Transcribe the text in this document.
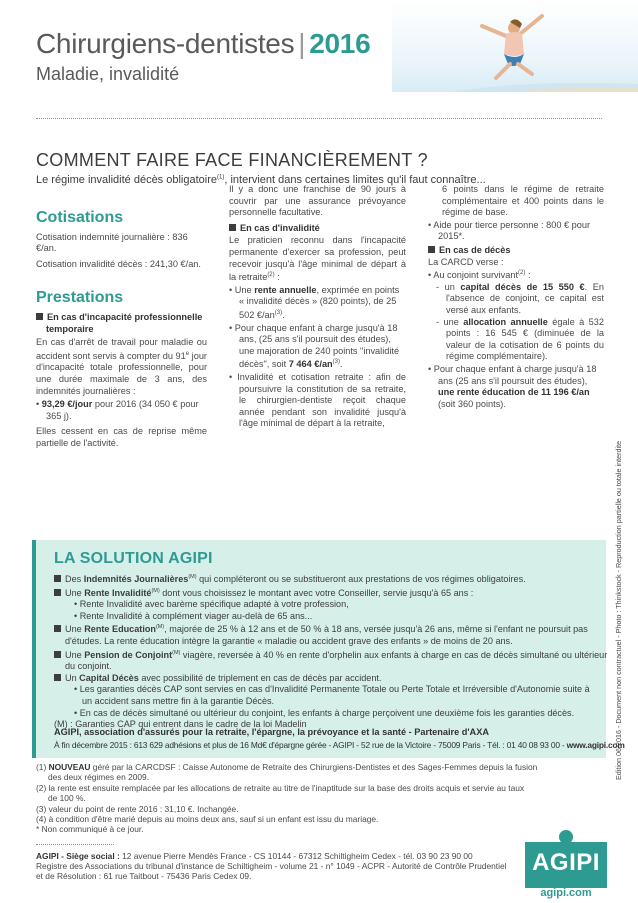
Chirurgiens-dentistes | 2016
Maladie, invalidité
COMMENT FAIRE FACE FINANCIÈREMENT ?
Le régime invalidité décès obligatoire$^{(1)}$, intervient dans certaines limites qu'il faut connaître...
Cotisations

Cotisation indemnité journalière : 836 €/an.

Cotisation invalidité décès : 241,30 €/an.

Prestations

En cas d'incapacité professionnelle temporaire

En cas d'arrêt de travail pour maladie ou accident sont servis à compter du 91e jour d'incapacité totale professionnelle, pour une durée maximale de 3 ans, des indemnités journalières :

• 93,29 €/jour pour 2016 (34 050 € pour 365 j).

Elles cessent en cas de reprise même partielle de l'activité.

Il y a donc une franchise de 90 jours à couvrir par une assurance prévoyance personnelle facultative.

En cas d'invalidité

Le praticien reconnu dans l'incapacité permanente d'exercer sa profession, peut recevoir jusqu'à l'âge minimal de départ à la retraite$^{(2)}$ :

• Une rente annuelle, exprimée en points « invalidité décès » (820 points), de 25 502 $€/an^{(3)}$.

• Pour chaque enfant à charge jusqu'à 18 ans, (25 ans s'il poursuit des études), une majoration de 240 points "invalidité décès", soit 7 464 $€/an^{(3)}$.

• Invalidité et cotisation retraite : afin de poursuivre la constitution de sa retraite, le chirurgien-dentiste reçoit chaque année pendant son invalidité jusqu'à l'âge minimal de départ à la retraite,

6 points dans le régime de retraite complémentaire et 400 points dans le régime de base.

• Aide pour tierce personne : 800 € pour 2015*.

En cas de décès

La CARCD verse :

• Au conjoint survivant$^{(2)}$ :

- un capital décès de 15 550 €. En l'absence de conjoint, ce capital est versé aux enfants.

- une allocation annuelle égale à 532 points : 16 545 € (diminuée de la valeur de la cotisation de 6 points du régime complémentaire).

• Pour chaque enfant à charge jusqu'à 18 ans (25 ans s'il poursuit des études), une rente éducation de 11 196 €/an (soit 360 points).

LA SOLUTION AGIPI
Des Indemnités Journalières$^{(M)}$ qui compléteront ou se substitueront aux prestations de vos régimes obligatoires.
Une Rente Invalidité$^{(M)}$ dont vous choisissez le montant avec votre Conseiller, servie jusqu'à 65 ans :
• Rente Invalidité avec barème spécifique adapté à votre profession,
• Rente Invalidité à complément viager au-delà de 65 ans...
Une Rente Education$^{(M)}$, majorée de 25 % à 12 ans et de 50 % à 18 ans, versée jusqu'à 26 ans, même si l'enfant ne poursuit pas
d'études. La rente éducation intègre la garantie « maladie ou accident grave des enfants » de moins de 20 ans.
Une Pension de Conjoint$^{(M)}$ viagère, reversée à 40 % en rente d'orphelin aux enfants à charge en cas de décès simultané ou ultérieur
du conjoint.
Un Capital Décès avec possibilité de triplement en cas de décès par accident.
• Les garanties décès CAP sont servies en cas d'Invalidité Permanente Totale ou Perte Totale et Irréversible d'Autonomie suite à
un accident sans mettre fin à la garantie Décès.
• En cas de décès simultané ou ultérieur du conjoint, les enfants à charge perçoivent une deuxième fois les garanties décès.
(M) : Garanties CAP qui entrent dans le cadre de la loi Madelin
AGIPI, association d'assurés pour la retraite, l'épargne, la prévoyance et la santé - Partenaire d'AXA
À fin décembre 2015 : 613 629 adhésions et plus de 16 Md€ d'épargne gérée - AGIPI - 52 rue de la Victoire - 75009 Paris - Tél. : 01 40 08 93 00 - www.agipi.com
(1) NOUVEAU géré par la CARCDSF : Caisse Autonome de Retraite des Chirurgiens-Dentistes et des Sages-Femmes depuis la fusion
des deux régimes en 2009.
(2) la rente est ensuite remplacée par les allocations de retraite au titre de l'inaptitude sur la base des droits acquis et servie au taux
de 100 %.
(3) valeur du point de rente 2016 : 31,10 €. Inchangée.
(4) à condition d'être marié depuis au moins deux ans, sauf si un enfant est issu du mariage.
* Non communiqué à ce jour.
AGIPI - Siège social : 12 avenue Pierre Mendès France - CS 10144 - 67312 Schiltigheim Cedex - tél. 03 90 23 90 00
Registre des Associations du tribunal d'instance de Schiltigheim - volume 21 - n° 1049 - ACPR - Autorité de Contrôle Prudentiel
et de Résolution : 61 rue Taitbout - 75436 Paris Cedex 09.
Edition 06/2016 - Document non contractuel - Photo : Thinkstock - Reproduction partielle ou totale interdite
AGIPI
agipi.com
